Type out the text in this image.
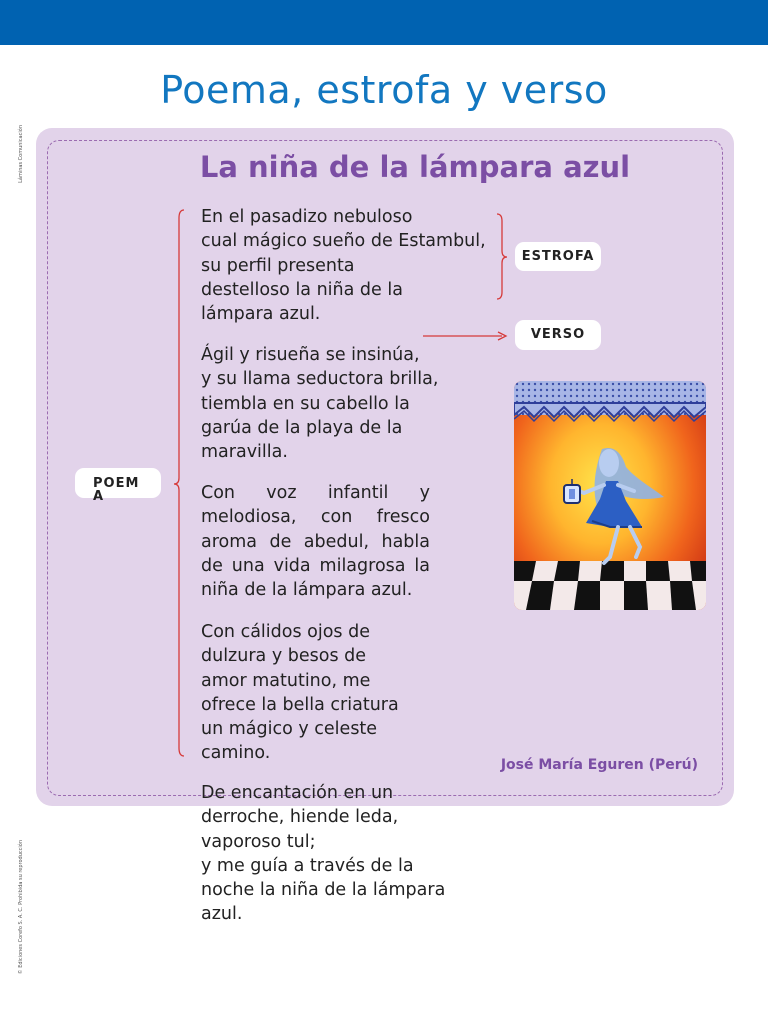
Poema, estrofa y verso
Láminas Comunicación
© Ediciones Corefo S. A. C. Prohibida su reproducción
La niña de la lámpara azul
En el pasadizo nebuloso
cual mágico sueño de Estambul,
su perfil presenta
destelloso la niña de la
lámpara azul.
Ágil y risueña se insinúa,
y su llama seductora brilla,
tiembla en su cabello la
garúa de la playa de la
maravilla.
Con voz infantil y melodiosa, con fresco aroma de abedul, habla de una vida milagrosa la niña de la lámpara azul.
Con cálidos ojos de
dulzura y besos de
amor matutino, me
ofrece la bella criatura
un mágico y celeste
camino.
De encantación en un
derroche, hiende leda,
vaporoso tul;
y me guía a través de la
noche la niña de la lámpara
azul.
ESTROFA
VERSO
POEMA
José María Eguren (Perú)
